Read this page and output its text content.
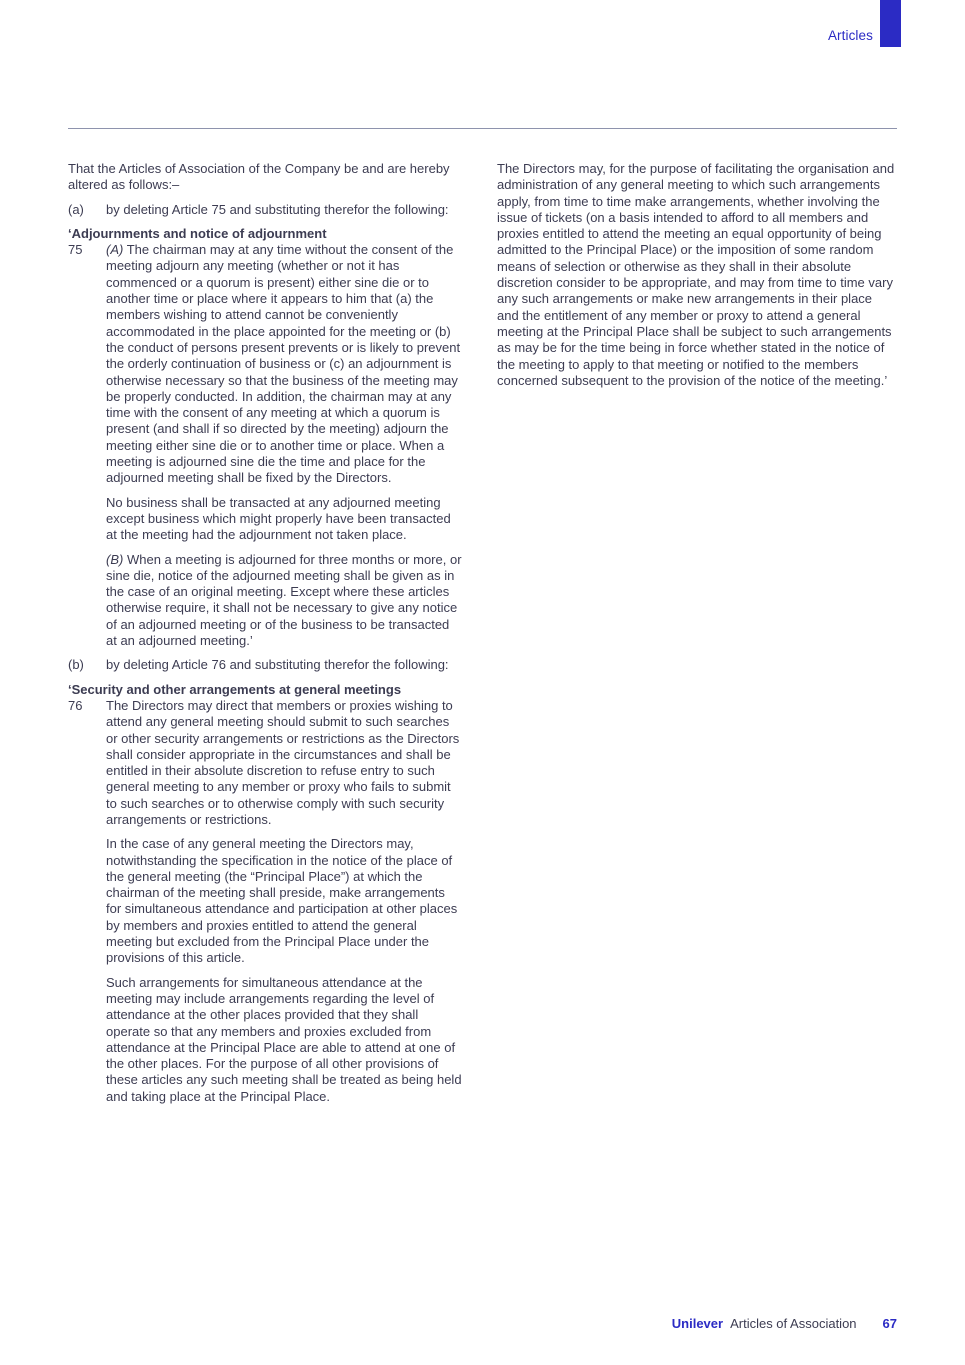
Articles

That the Articles of Association of the Company be and are hereby altered as follows:–

(a)	by deleting Article 75 and substituting therefor the following:

‘Adjournments and notice of adjournment

75	(A) The chairman may at any time without the consent of the meeting adjourn any meeting (whether or not it has commenced or a quorum is present) either sine die or to another time or place where it appears to him that (a) the members wishing to attend cannot be conveniently accommodated in the place appointed for the meeting or (b) the conduct of persons present prevents or is likely to prevent the orderly continuation of business or (c) an adjournment is otherwise necessary so that the business of the meeting may be properly conducted. In addition, the chairman may at any time with the consent of any meeting at which a quorum is present (and shall if so directed by the meeting) adjourn the meeting either sine die or to another time or place. When a meeting is adjourned sine die the time and place for the adjourned meeting shall be fixed by the Directors.

No business shall be transacted at any adjourned meeting except business which might properly have been transacted at the meeting had the adjournment not taken place.

(B) When a meeting is adjourned for three months or more, or sine die, notice of the adjourned meeting shall be given as in the case of an original meeting. Except where these articles otherwise require, it shall not be necessary to give any notice of an adjourned meeting or of the business to be transacted at an adjourned meeting.’

(b)	by deleting Article 76 and substituting therefor the following:

‘Security and other arrangements at general meetings

76	The Directors may direct that members or proxies wishing to attend any general meeting should submit to such searches or other security arrangements or restrictions as the Directors shall consider appropriate in the circumstances and shall be entitled in their absolute discretion to refuse entry to such general meeting to any member or proxy who fails to submit to such searches or to otherwise comply with such security arrangements or restrictions.

In the case of any general meeting the Directors may, notwithstanding the specification in the notice of the place of the general meeting (the “Principal Place”) at which the chairman of the meeting shall preside, make arrangements for simultaneous attendance and participation at other places by members and proxies entitled to attend the general meeting but excluded from the Principal Place under the provisions of this article.

Such arrangements for simultaneous attendance at the meeting may include arrangements regarding the level of attendance at the other places provided that they shall operate so that any members and proxies excluded from attendance at the Principal Place are able to attend at one of the other places. For the purpose of all other provisions of these articles any such meeting shall be treated as being held and taking place at the Principal Place.

The Directors may, for the purpose of facilitating the organisation and administration of any general meeting to which such arrangements apply, from time to time make arrangements, whether involving the issue of tickets (on a basis intended to afford to all members and proxies entitled to attend the meeting an equal opportunity of being admitted to the Principal Place) or the imposition of some random means of selection or otherwise as they shall in their absolute discretion consider to be appropriate, and may from time to time vary any such arrangements or make new arrangements in their place and the entitlement of any member or proxy to attend a general meeting at the Principal Place shall be subject to such arrangements as may be for the time being in force whether stated in the notice of the meeting to apply to that meeting or notified to the members concerned subsequent to the provision of the notice of the meeting.’

Unilever Articles of Association 67
